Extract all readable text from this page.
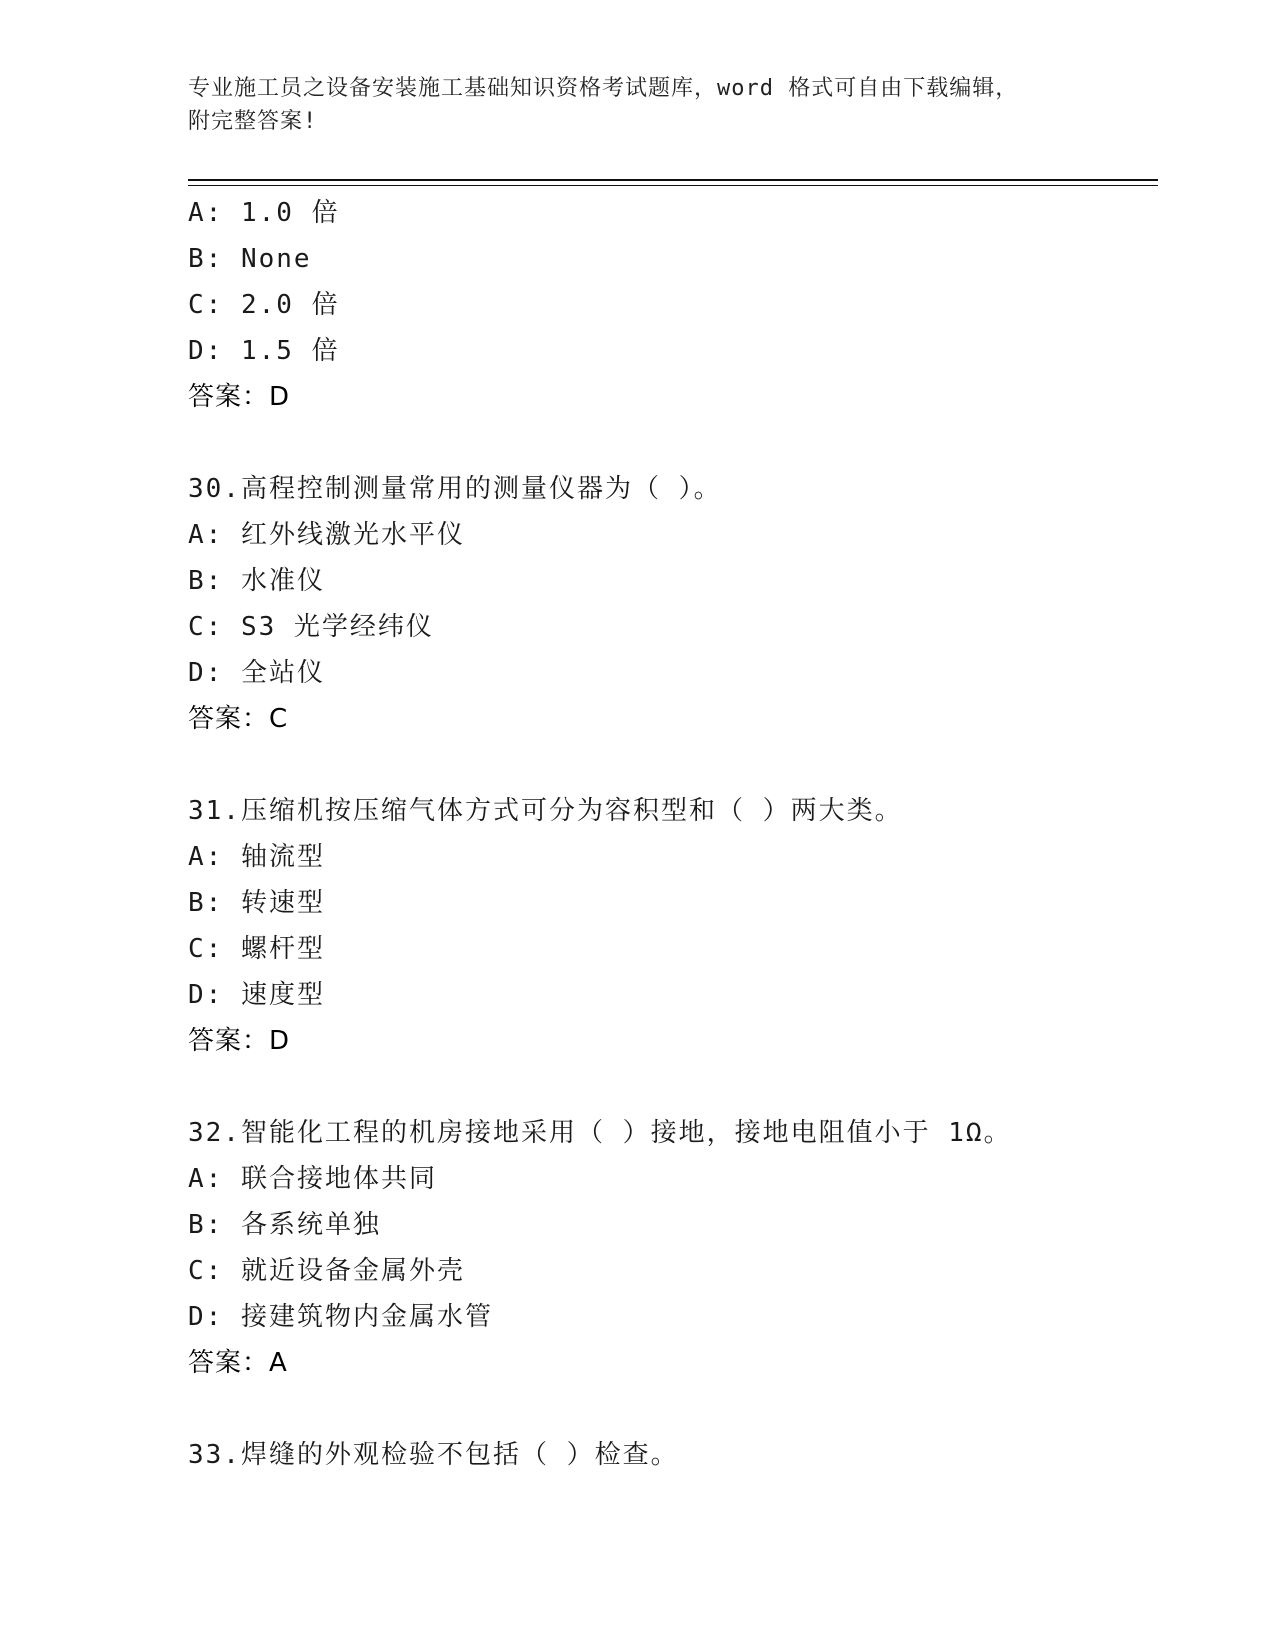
专业施工员之设备安装施工基础知识资格考试题库，word 格式可自由下载编辑，
附完整答案!
A: 1.0 倍
B: None
C: 2.0 倍
D: 1.5 倍
答案：D
30.高程控制测量常用的测量仪器为（ ）。
A: 红外线激光水平仪
B: 水准仪
C: S3 光学经纬仪
D: 全站仪
答案：C
31.压缩机按压缩气体方式可分为容积型和（ ）两大类。
A: 轴流型
B: 转速型
C: 螺杆型
D: 速度型
答案：D
32.智能化工程的机房接地采用（ ）接地，接地电阻值小于 1Ω。
A: 联合接地体共同
B: 各系统单独
C: 就近设备金属外壳
D: 接建筑物内金属水管
答案：A
33.焊缝的外观检验不包括（ ）检查。
